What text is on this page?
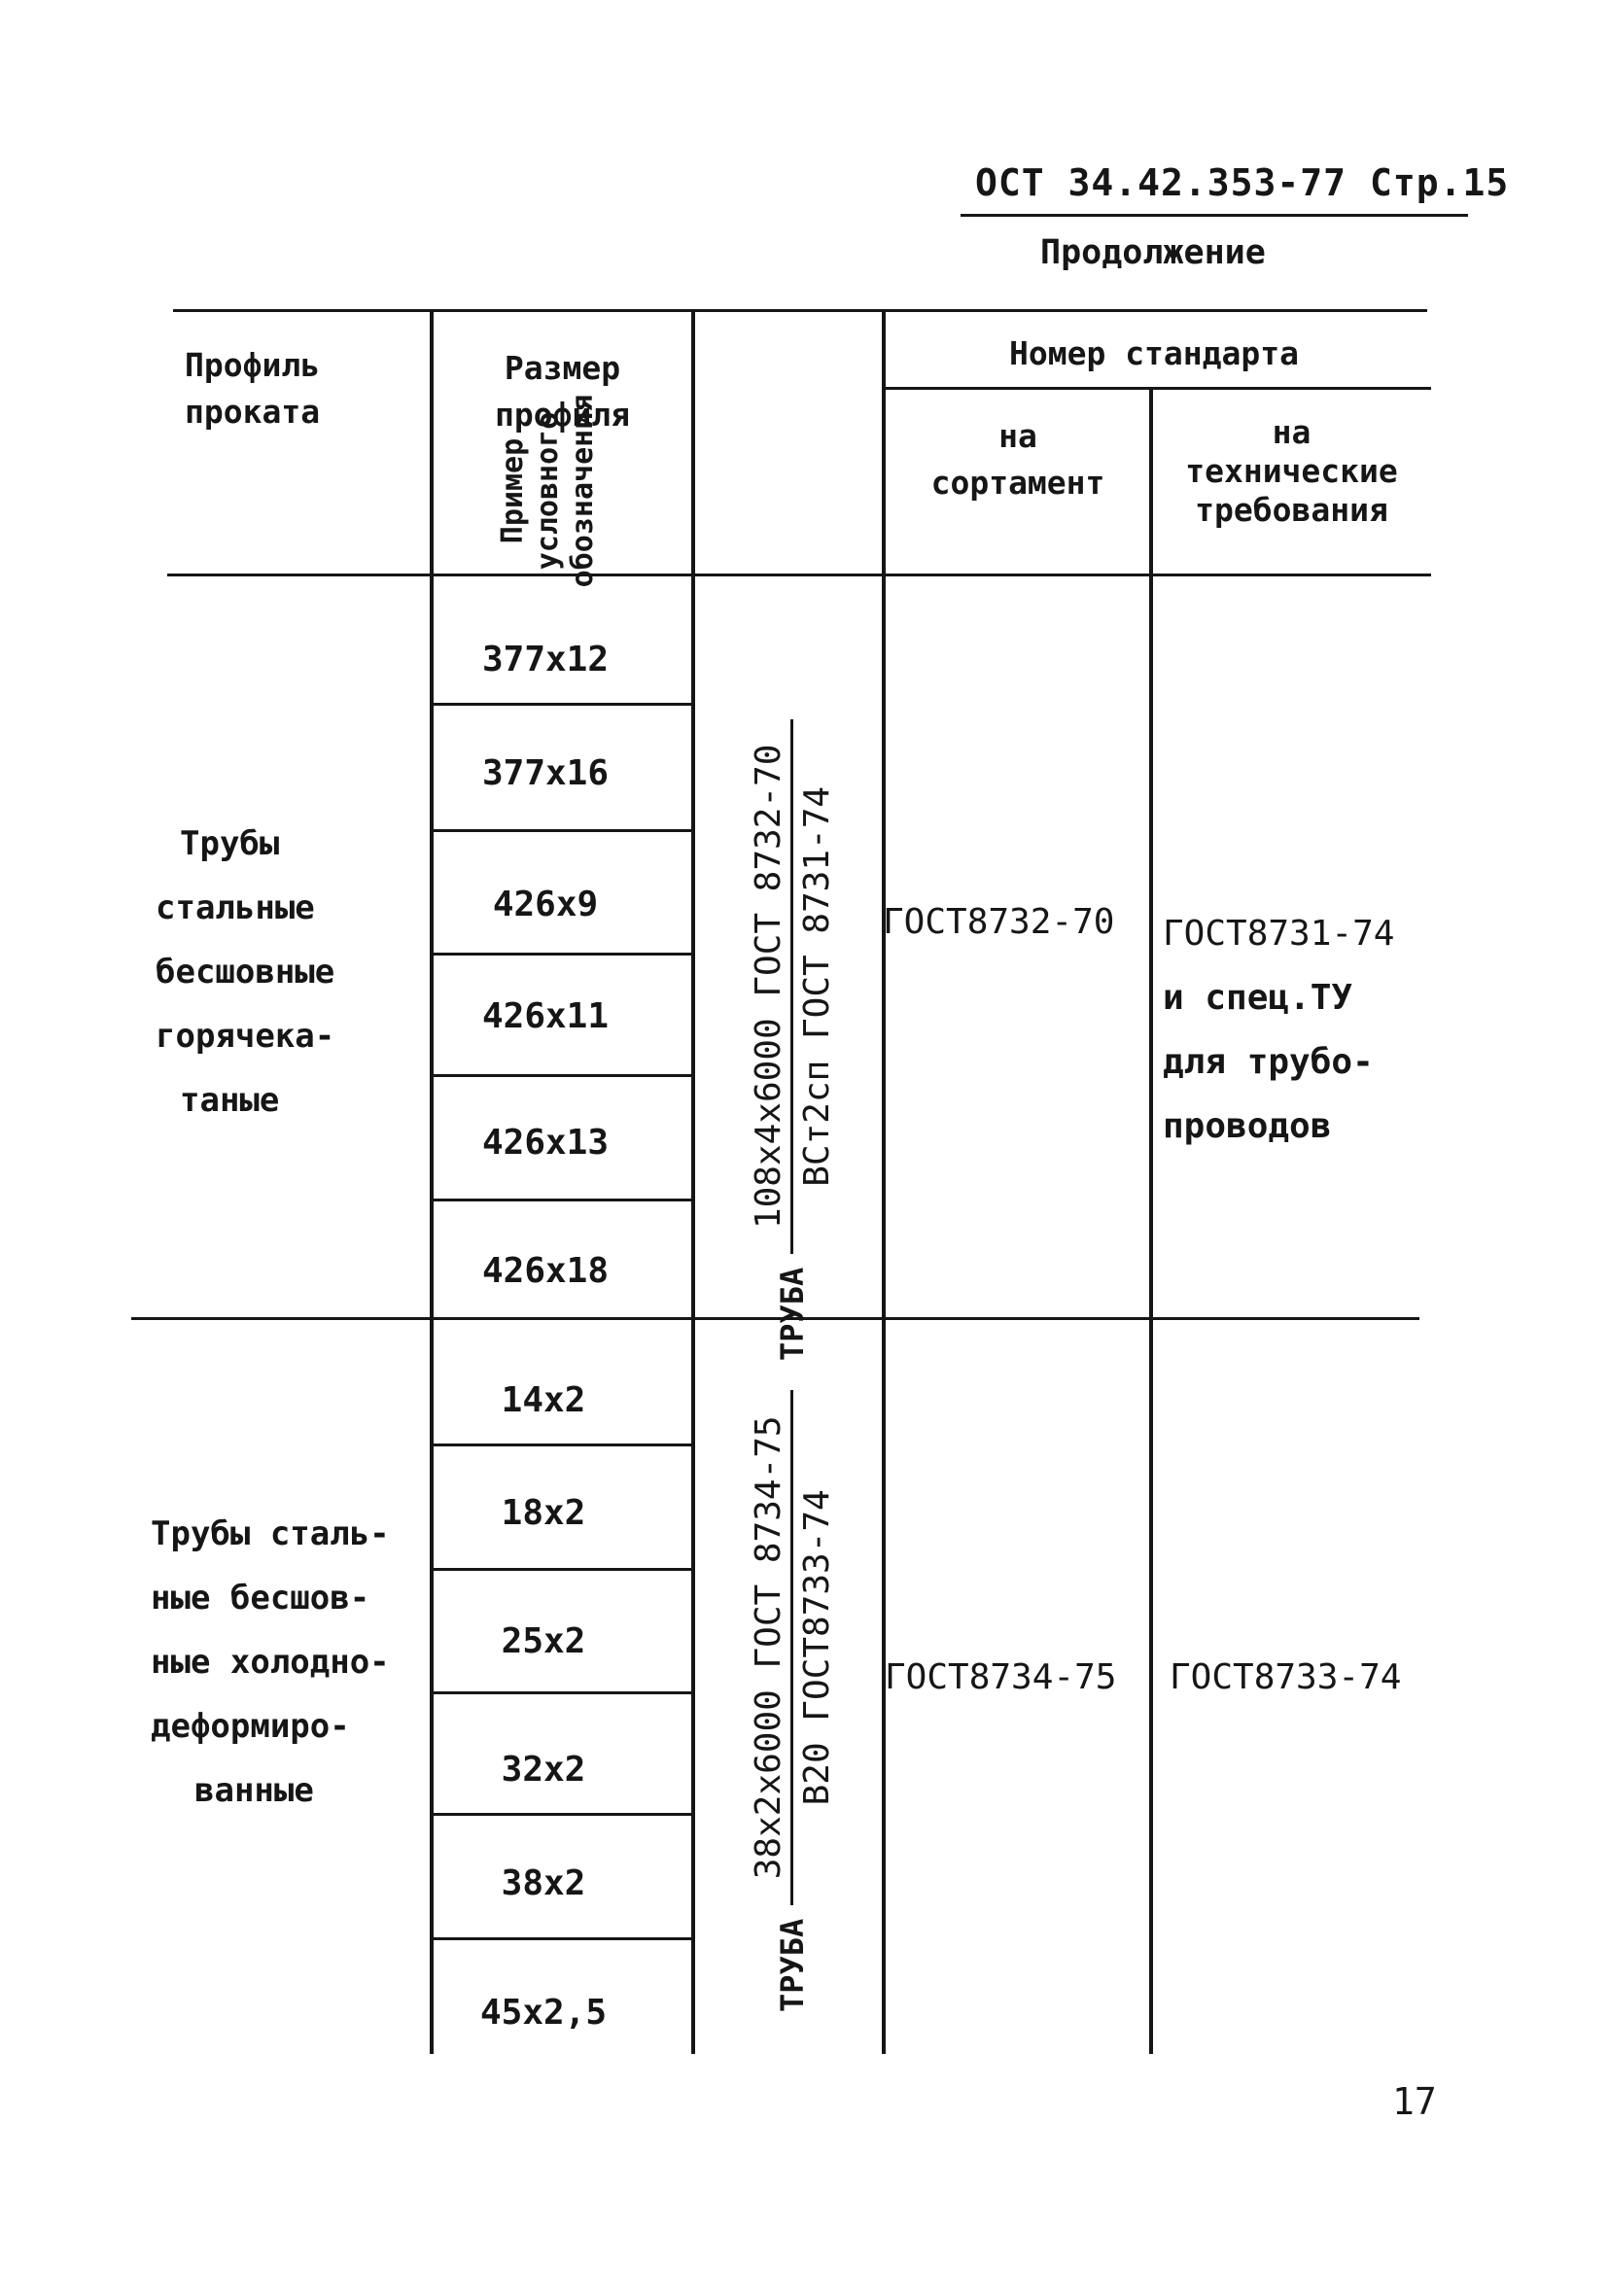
ОСТ 34.42.353-77 Стр.15
Продолжение
Профиль
проката
Размер
профиля
Пример условного обозначения
Номер стандарта
на
сортамент
на
технические
требования
Трубы
стальные
бесшовные
горячека-
таные
377x12
377x16
426x9
426x11
426x13
426x18	ТРУБА
108x4x6000 ГОСТ 8732-70 ВСт2сп ГОСТ 8731-74 ГОСТ8732-70 ГОСТ8731-74
и спец.ТУ
для трубо-
проводов
Трубы сталь-
ные бесшов-
ные холодно-
деформиро-
ванные
14x2
18x2
25x2
32x2
38x2
45x2,5
ТРУБА
38x2x6000 ГОСТ 8734-75 В20 ГОСТ8733-74 ГОСТ8734-75 ГОСТ8733-74
17
